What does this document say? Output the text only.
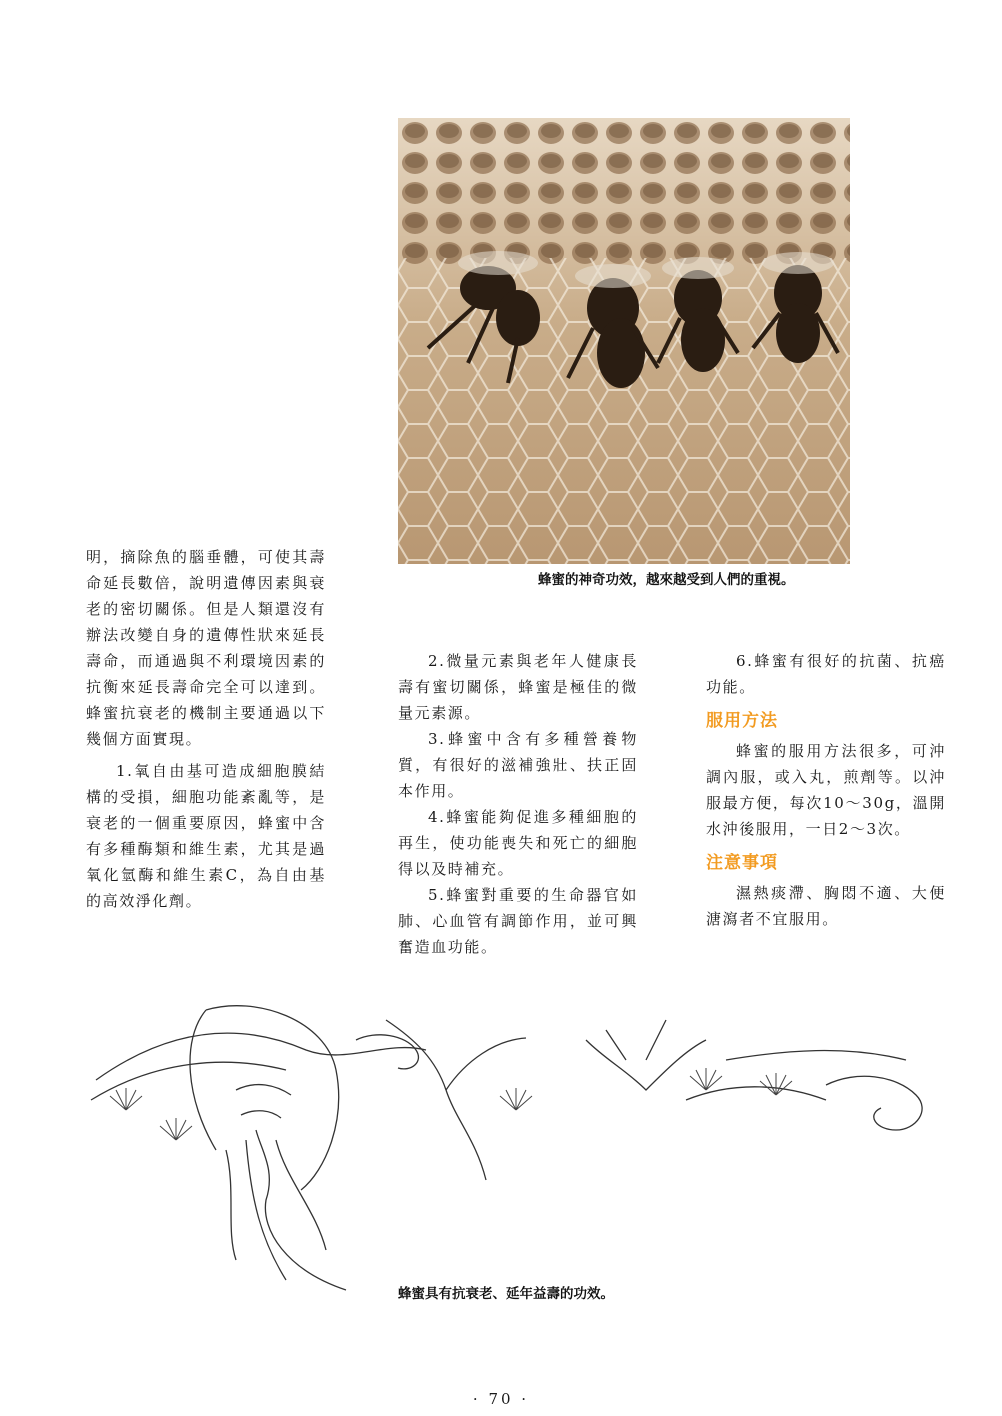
蜂蜜的神奇功效，越來越受到人們的重視。

明，摘除魚的腦垂體，可使其壽命延長數倍，說明遺傳因素與衰老的密切關係。但是人類還沒有辦法改變自身的遺傳性狀來延長壽命，而通過與不利環境因素的抗衡來延長壽命完全可以達到。蜂蜜抗衰老的機制主要通過以下幾個方面實現。

1.氧自由基可造成細胞膜結構的受損，細胞功能紊亂等，是衰老的一個重要原因，蜂蜜中含有多種酶類和維生素，尤其是過氧化氫酶和維生素C，為自由基的高效淨化劑。

2.微量元素與老年人健康長壽有蜜切關係，蜂蜜是極佳的微量元素源。

3.蜂蜜中含有多種營養物質，有很好的滋補強壯、扶正固本作用。

4.蜂蜜能夠促進多種細胞的再生，使功能喪失和死亡的細胞得以及時補充。

5.蜂蜜對重要的生命器官如肺、心血管有調節作用，並可興奮造血功能。

6.蜂蜜有很好的抗菌、抗癌功能。

服用方法

蜂蜜的服用方法很多，可沖調內服，或入丸，煎劑等。以沖服最方便，每次10～30g，溫開水沖後服用，一日2～3次。

注意事項

濕熱痰滯、胸悶不適、大便溏瀉者不宜服用。

蜂蜜具有抗衰老、延年益壽的功效。
· 70 ·
